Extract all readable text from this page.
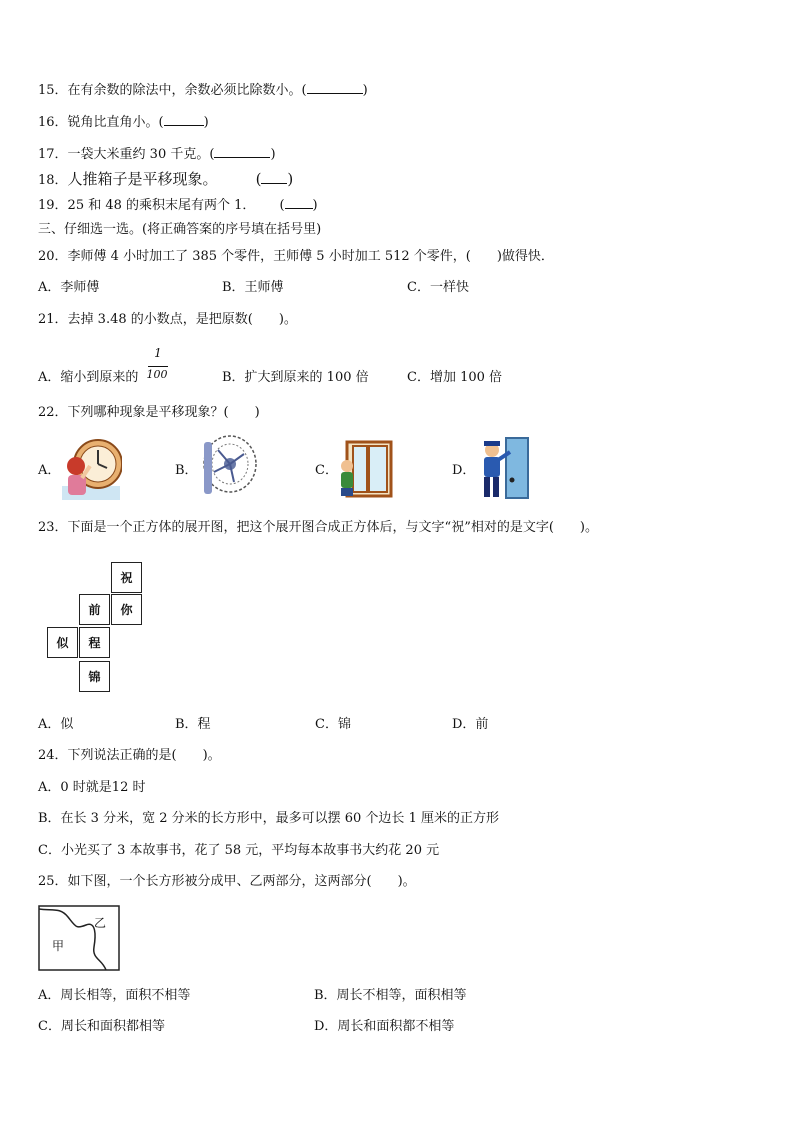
15．在有余数的除法中，余数必须比除数小。(	)
16．锐角比直角小。(	)
17．一袋大米重约 30 千克。(	)
18．人推箱子是平移现象。	( )
19．25 和 48 的乘积末尾有两个 1． ( )
三、仔细选一选。(将正确答案的序号填在括号里)
20．李师傅 4 小时加工了 385 个零件，王师傅 5 小时加工 512 个零件，(　　)做得快．
A．李师傅	B．王师傅	C．一样快
21．去掉 3.48 的小数点，是把原数(　　)。
A．缩小到原来的
1
100	B．扩大到原来的 100 倍	C．增加 100 倍
22．下列哪种现象是平移现象？(　　)
A．	B．	C．	D．
23．下面是一个正方体的展开图，把这个展开图合成正方体后，与文字“祝”相对的是文字(　　)。
祝
前	你
似	程
锦
A．似	B．程	C．锦	D．前
24．下列说法正确的是(　　)。
A．0 时就是12 时
B．在长 3 分米，宽 2 分米的长方形中，最多可以摆 60 个边长 1 厘米的正方形
C．小光买了 3 本故事书，花了 58 元，平均每本故事书大约花 20 元
25．如下图，一个长方形被分成甲、乙两部分，这两部分(　　)。
甲
乙
A．周长相等，面积不相等	B．周长不相等，面积相等
C．周长和面积都相等	D．周长和面积都不相等
